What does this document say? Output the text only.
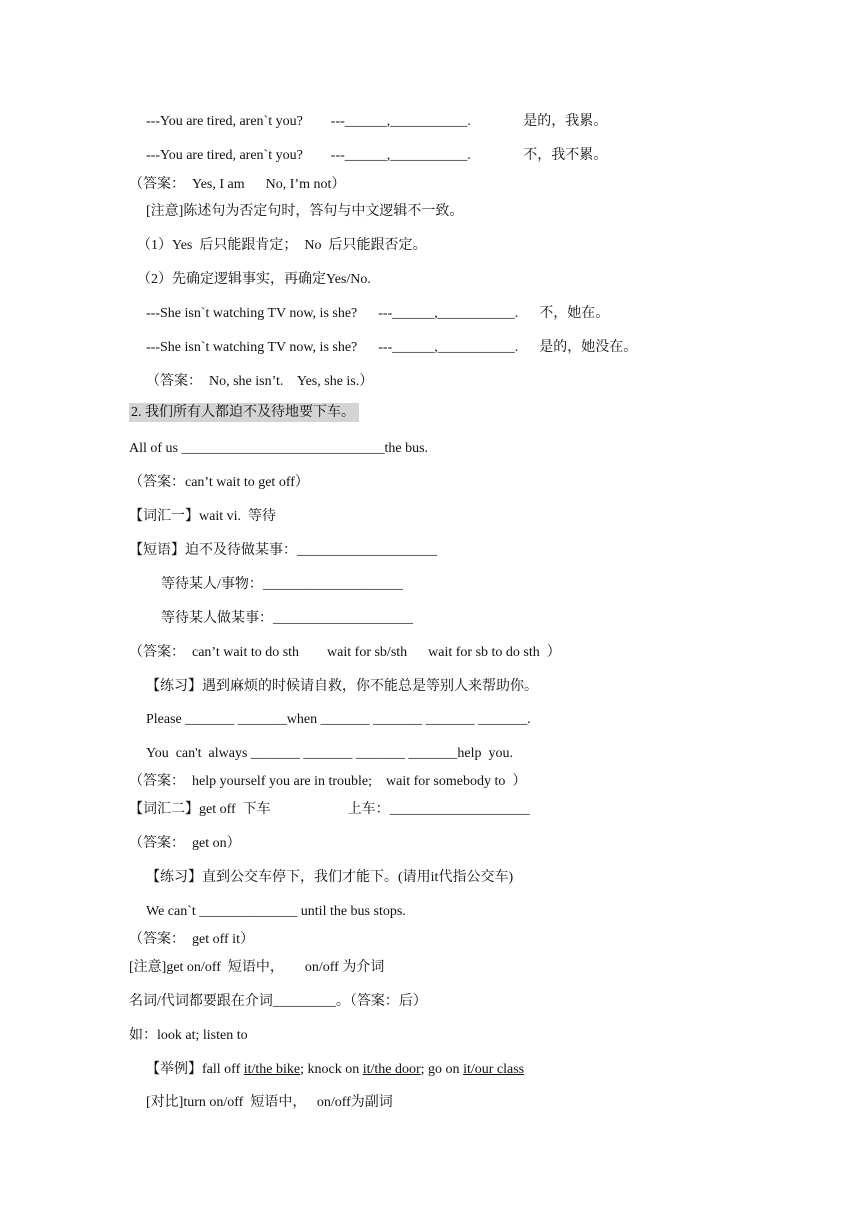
---You are tired, aren`t you?        ---______,___________.               是的，我累。
---You are tired, aren`t you?        ---______,___________.               不，我不累。
（答案：  Yes, I am      No, I’m not）
[注意]陈述句为否定句时，答句与中文逻辑不一致。
（1）Yes  后只能跟肯定；  No  后只能跟否定。
（2）先确定逻辑事实，再确定Yes/No.
---She isn`t watching TV now, is she?      ---______,___________.      不，她在。
---She isn`t watching TV now, is she?      ---______,___________.      是的，她没在。
（答案：  No, she isn’t.    Yes, she is.）
2. 我们所有人都迫不及待地要下车。
All of us _____________________________the bus.
（答案：can’t wait to get off）
【词汇一】wait vi.  等待
【短语】迫不及待做某事：____________________
等待某人/事物：____________________
等待某人做某事：____________________
（答案：  can’t wait to do sth        wait for sb/sth      wait for sb to do sth  ）
【练习】遇到麻烦的时候请自救，你不能总是等别人来帮助你。
Please _______ _______when _______ _______ _______ _______.
You  can't  always _______ _______ _______ _______help  you.
（答案：  help yourself you are in trouble;    wait for somebody to  ）
【词汇二】get off  下车                      上车：____________________
（答案：  get on）
【练习】直到公交车停下，我们才能下。(请用it代指公交车)
We can`t ______________ until the bus stops.
（答案：  get off it）
[注意]get on/off  短语中，      on/off 为介词
名词/代词都要跟在介词_________。（答案：后）
如：look at; listen to
【举例】fall off it/the bike; knock on it/the door; go on it/our class
[对比]turn on/off  短语中，   on/off为副词
